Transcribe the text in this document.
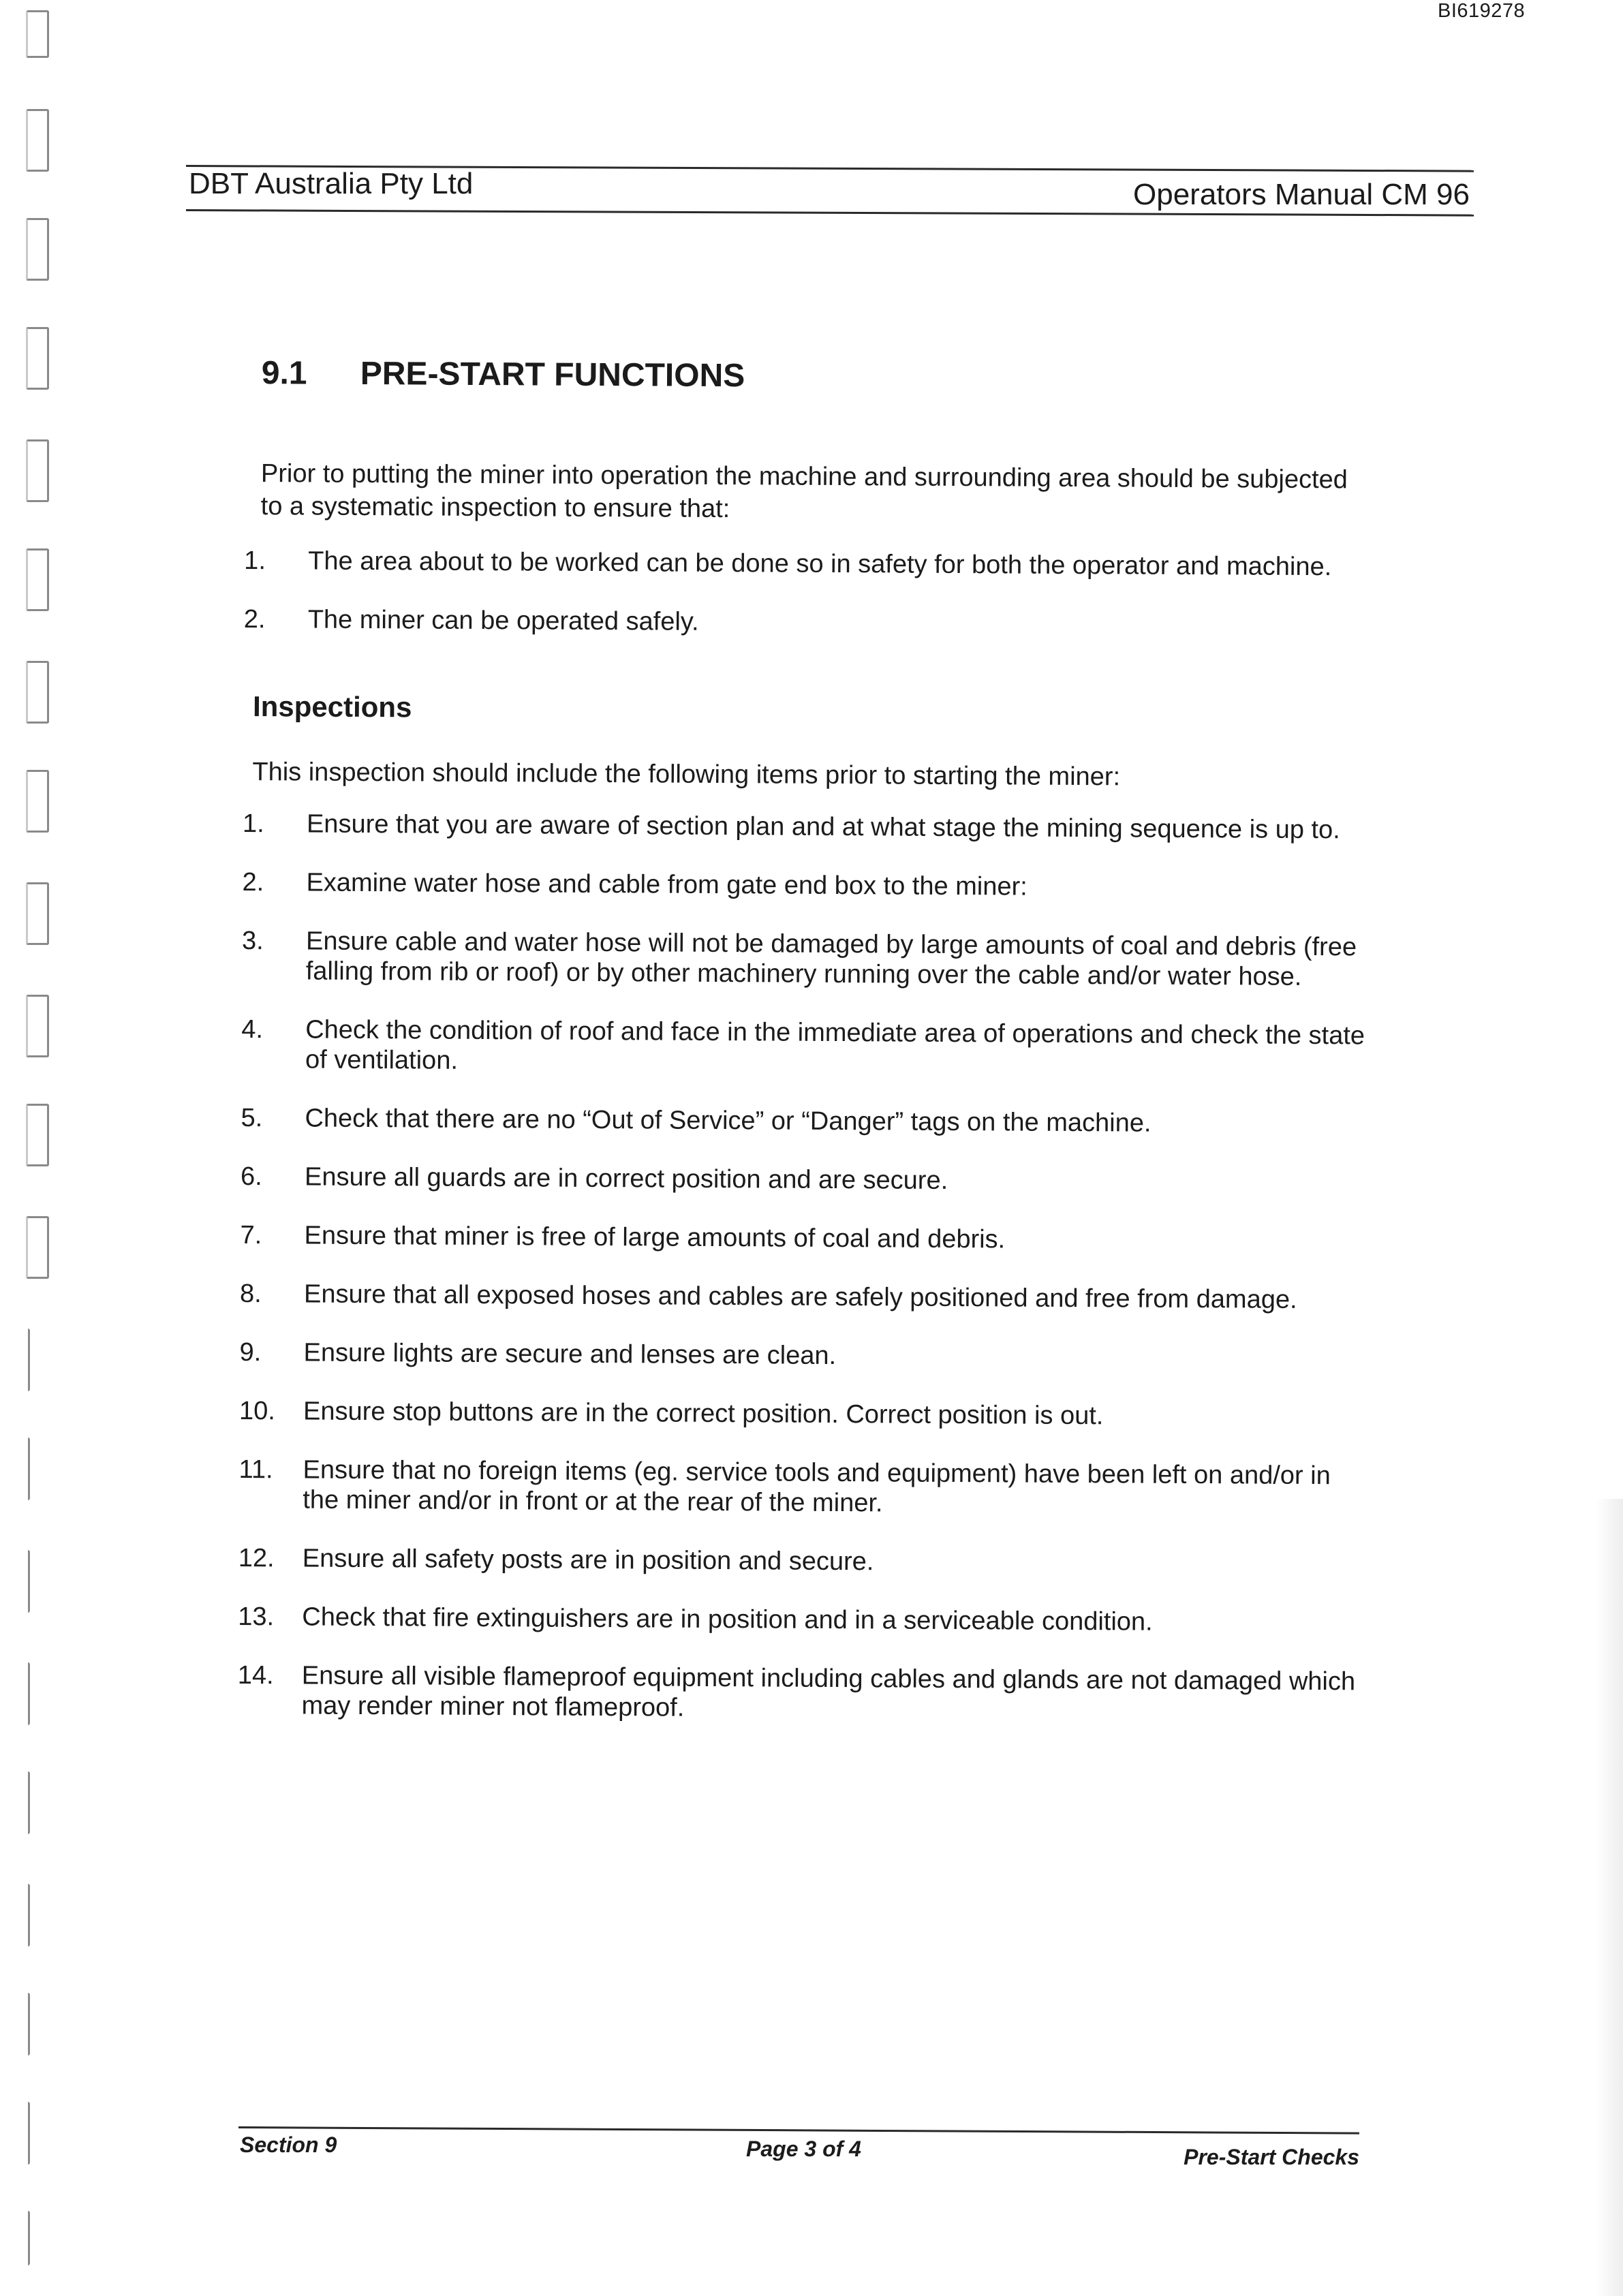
BI619278
DBT Australia Pty Ltd	Operators Manual CM 96
9.1	PRE-START FUNCTIONS

Prior to putting the miner into operation the machine and surrounding area should be subjected to a systematic inspection to ensure that:

1.	The area about to be worked can be done so in safety for both the operator and machine.
2.	The miner can be operated safely.
Inspections

This inspection should include the following items prior to starting the miner:

1.	Ensure that you are aware of section plan and at what stage the mining sequence is up to.
2.	Examine water hose and cable from gate end box to the miner:
3.	Ensure cable and water hose will not be damaged by large amounts of coal and debris (free falling from rib or roof) or by other machinery running over the cable and/or water hose.
4.	Check the condition of roof and face in the immediate area of operations and check the state of ventilation.
5.	Check that there are no “Out of Service” or “Danger” tags on the machine.
6.	Ensure all guards are in correct position and are secure.
7.	Ensure that miner is free of large amounts of coal and debris.
8.	Ensure that all exposed hoses and cables are safely positioned and free from damage.
9.	Ensure lights are secure and lenses are clean.
10.	Ensure stop buttons are in the correct position. Correct position is out.
11.	Ensure that no foreign items (eg. service tools and equipment) have been left on and/or in the miner and/or in front or at the rear of the miner.
12.	Ensure all safety posts are in position and secure.
13.	Check that fire extinguishers are in position and in a serviceable condition.
14.	Ensure all visible flameproof equipment including cables and glands are not damaged which may render miner not flameproof.
Section 9	Page 3 of 4	Pre-Start Checks
